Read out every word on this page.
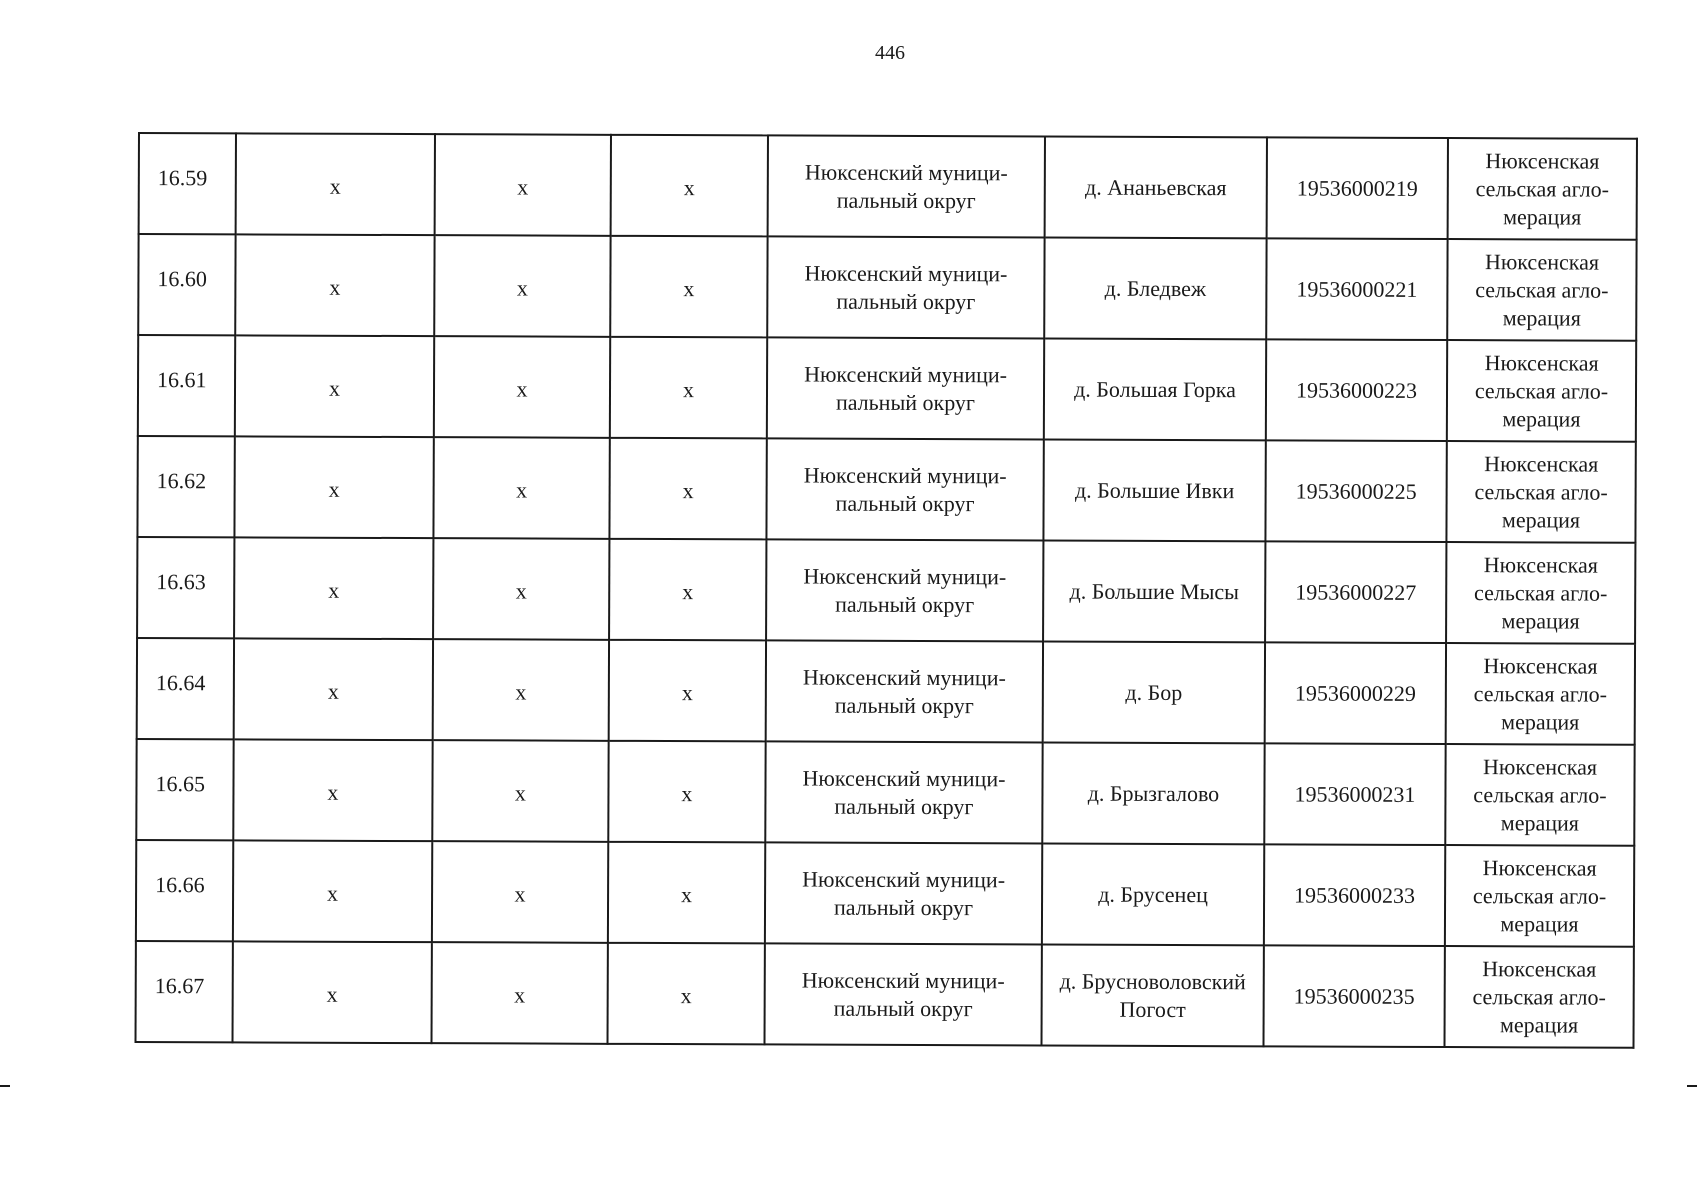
446
16.59	x	x	x	Нюксенский муници-
пальный округ	д. Ананьевская	19536000219	Нюксенская
сельская агло-
мерация

16.60	x	x	x	Нюксенский муници-
пальный округ	д. Бледвеж	19536000221	Нюксенская
сельская агло-
мерация

16.61	x	x	x	Нюксенский муници-
пальный округ	д. Большая Горка	19536000223	Нюксенская
сельская агло-
мерация

16.62	x	x	x	Нюксенский муници-
пальный округ	д. Большие Ивки	19536000225	Нюксенская
сельская агло-
мерация

16.63	x	x	x	Нюксенский муници-
пальный округ	д. Большие Мысы	19536000227	Нюксенская
сельская агло-
мерация

16.64	x	x	x	Нюксенский муници-
пальный округ	д. Бор	19536000229	Нюксенская
сельская агло-
мерация

16.65	x	x	x	Нюксенский муници-
пальный округ	д. Брызгалово	19536000231	Нюксенская
сельская агло-
мерация

16.66	x	x	x	Нюксенский муници-
пальный округ	д. Брусенец	19536000233	Нюксенская
сельская агло-
мерация

16.67	x	x	x	Нюксенский муници-
пальный округ	д. Брусноволовский
Погост	19536000235	Нюксенская
сельская агло-
мерация
